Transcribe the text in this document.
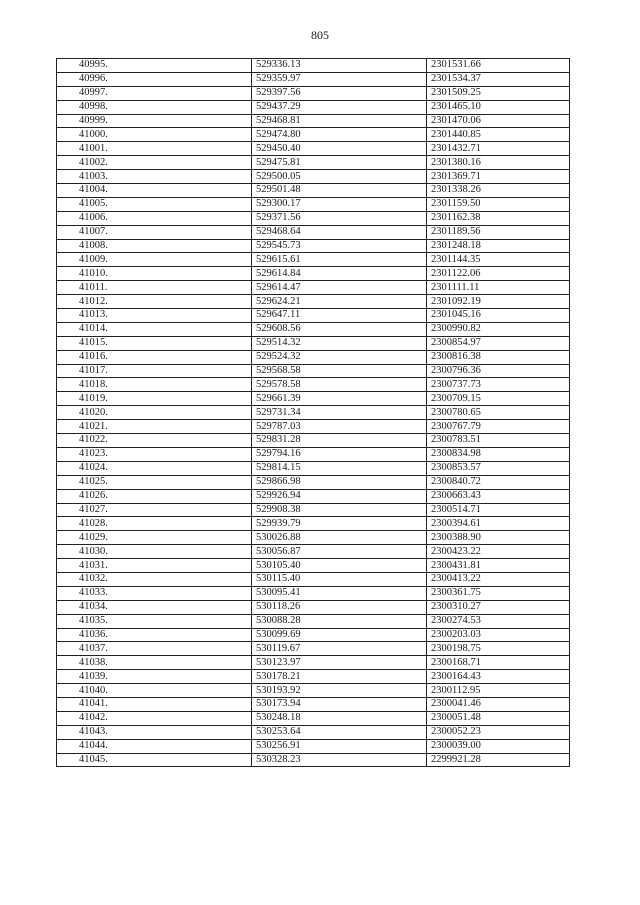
805
40995.	529336.13	2301531.66
40996.	529359.97	2301534.37
40997.	529397.56	2301509.25
40998.	529437.29	2301465.10
40999.	529468.81	2301470.06
41000.	529474.80	2301440.85
41001.	529450.40	2301432.71
41002.	529475.81	2301380.16
41003.	529500.05	2301369.71
41004.	529501.48	2301338.26
41005.	529300.17	2301159.50
41006.	529371.56	2301162.38
41007.	529468.64	2301189.56
41008.	529545.73	2301248.18
41009.	529615.61	2301144.35
41010.	529614.84	2301122.06
41011.	529614.47	2301111.11
41012.	529624.21	2301092.19
41013.	529647.11	2301045.16
41014.	529608.56	2300990.82
41015.	529514.32	2300854.97
41016.	529524.32	2300816.38
41017.	529568.58	2300796.36
41018.	529578.58	2300737.73
41019.	529661.39	2300709.15
41020.	529731.34	2300780.65
41021.	529787.03	2300767.79
41022.	529831.28	2300783.51
41023.	529794.16	2300834.98
41024.	529814.15	2300853.57
41025.	529866.98	2300840.72
41026.	529926.94	2300663.43
41027.	529908.38	2300514.71
41028.	529939.79	2300394.61
41029.	530026.88	2300388.90
41030.	530056.87	2300423.22
41031.	530105.40	2300431.81
41032.	530115.40	2300413.22
41033.	530095.41	2300361.75
41034.	530118.26	2300310.27
41035.	530088.28	2300274.53
41036.	530099.69	2300203.03
41037.	530119.67	2300198.75
41038.	530123.97	2300168.71
41039.	530178.21	2300164.43
41040.	530193.92	2300112.95
41041.	530173.94	2300041.46
41042.	530248.18	2300051.48
41043.	530253.64	2300052.23
41044.	530256.91	2300039.00
41045.	530328.23	2299921.28
